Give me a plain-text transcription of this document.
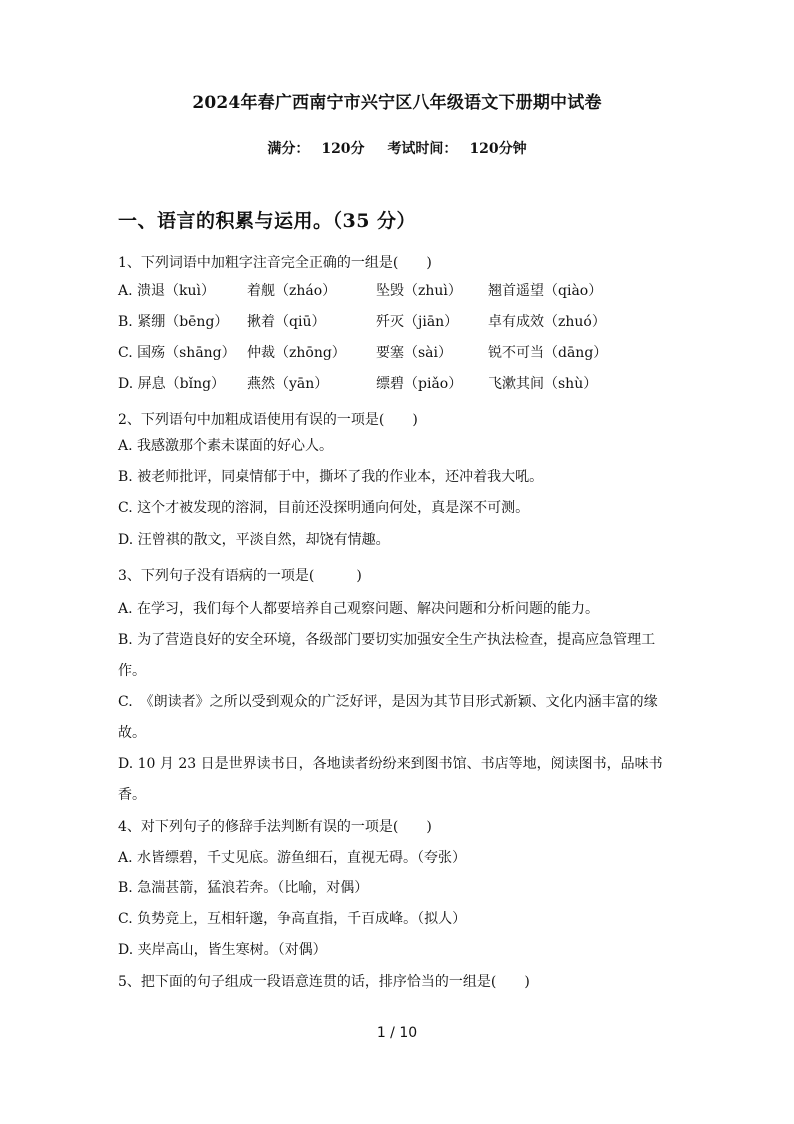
2024年春广西南宁市兴宁区八年级语文下册期中试卷
满分： 120分 考试时间： 120分钟
一、语言的积累与运用。（35 分）
1、下列词语中加粗字注音完全正确的一组是(　　)
A. 溃退（kuì） 着舰（zháo）	坠毁（zhuì） 翘首遥望（qiào）
B. 紧绷（bēng） 揪着（qiū）	歼灭（jiān） 卓有成效（zhuó）
C. 国殇（shāng） 仲裁（zhōng） 要塞（sài）	锐不可当（dāng）
D. 屏息（bǐng） 燕然（yān）	缥碧（piǎo） 飞漱其间（shù）
2、下列语句中加粗成语使用有误的一项是(　　)
A. 我感激那个素未谋面的好心人。
B. 被老师批评，同桌情郁于中，撕坏了我的作业本，还冲着我大吼。
C. 这个才被发现的溶洞，目前还没探明通向何处，真是深不可测。
D. 汪曾祺的散文，平淡自然，却饶有情趣。
3、下列句子没有语病的一项是(　　　)
A. 在学习，我们每个人都要培养自己观察问题、解决问题和分析问题的能力。
B. 为了营造良好的安全环境，各级部门要切实加强安全生产执法检查，提高应急管理工作。
C.　《朗读者》之所以受到观众的广泛好评，是因为其节目形式新颖、文化内涵丰富的缘故。
D. 10 月 23 日是世界读书日，各地读者纷纷来到图书馆、书店等地，阅读图书，品味书香。
4、对下列句子的修辞手法判断有误的一项是(　　)
A. 水皆缥碧，千丈见底。游鱼细石，直视无碍。（夸张）
B. 急湍甚箭，猛浪若奔。（比喻，对偶）
C. 负势竞上，互相轩邈，争高直指，千百成峰。（拟人）
D. 夹岸高山，皆生寒树。（对偶）
5、把下面的句子组成一段语意连贯的话，排序恰当的一组是(　　)
1 / 10
